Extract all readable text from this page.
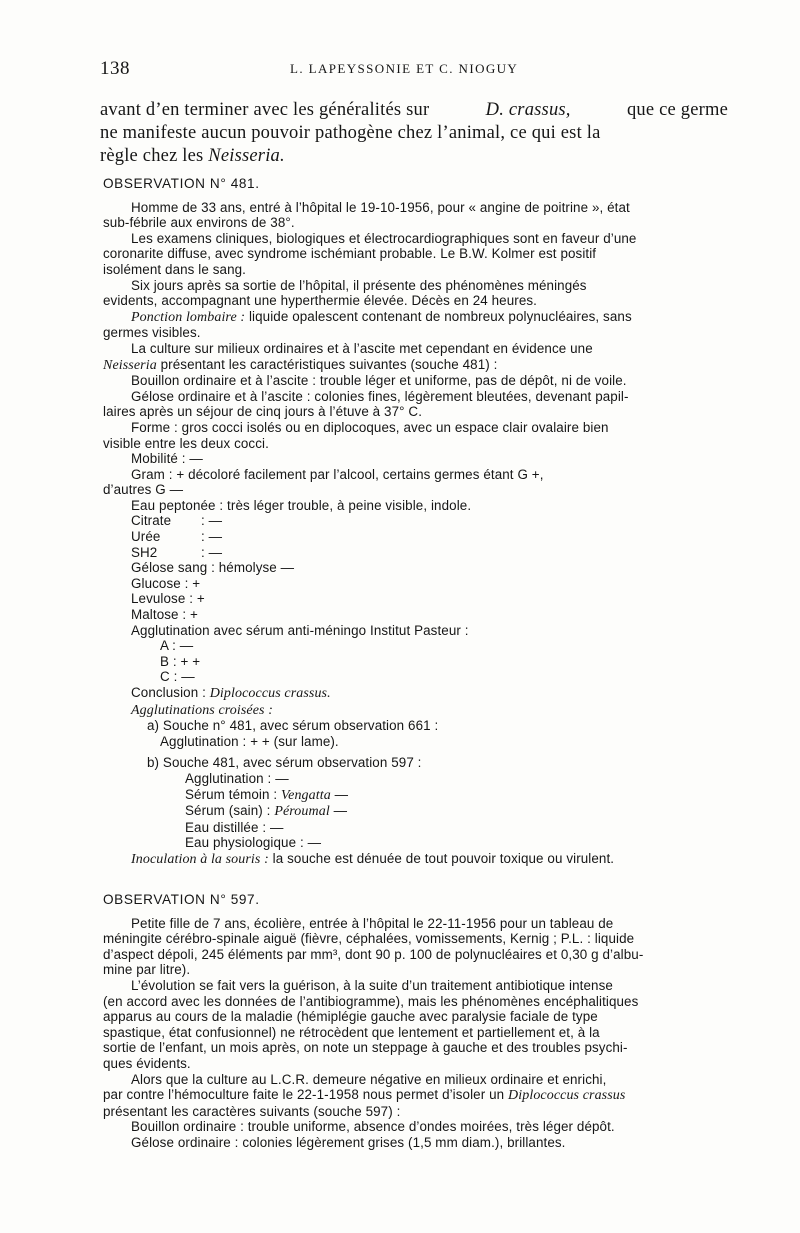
138	L. LAPEYSSONIE ET C. NIOGUY
avant d’en terminer avec les généralités sur	D. crassus,	que ce germe
ne manifeste aucun pouvoir pathogène chez l’animal, ce qui est la
règle chez les Neisseria.
OBSERVATION N° 481.
Homme de 33 ans, entré à l’hôpital le 19-10-1956, pour « angine de poitrine », état
sub-fébrile aux environs de 38°.
Les examens cliniques, biologiques et électrocardiographiques sont en faveur d’une
coronarite diffuse, avec syndrome ischémiant probable. Le B.W. Kolmer est positif
isolément dans le sang.
Six jours après sa sortie de l’hôpital, il présente des phénomènes méningés
evidents, accompagnant une hyperthermie élevée. Décès en 24 heures.
Ponction lombaire : liquide opalescent contenant de nombreux polynucléaires, sans
germes visibles.
La culture sur milieux ordinaires et à l’ascite met cependant en évidence une
Neisseria présentant les caractéristiques suivantes (souche 481) :
Bouillon ordinaire et à l’ascite : trouble léger et uniforme, pas de dépôt, ni de voile.
Gélose ordinaire et à l’ascite : colonies fines, légèrement bleutées, devenant papil-
laires après un séjour de cinq jours à l’étuve à 37° C.
Forme : gros cocci isolés ou en diplocoques, avec un espace clair ovalaire bien
visible entre les deux cocci.
Mobilité : —
Gram : + décoloré facilement par l’alcool, certains germes étant G +,
d’autres G —
Eau peptonée : très léger trouble, à peine visible, indole.
Citrate	: —
Urée	: —
SH2	: —
Gélose sang : hémolyse —
Glucose : +
Levulose : +
Maltose : +
Agglutination avec sérum anti-méningo Institut Pasteur :
A : —
B : + +
C : —
Conclusion : Diplococcus crassus.
Agglutinations croisées :
a) Souche n° 481, avec sérum observation 661 :
Agglutination : + + (sur lame).
b) Souche 481, avec sérum observation 597 :
Agglutination : —
Sérum témoin : Vengatta —
Sérum (sain) : Péroumal —
Eau distillée : —
Eau physiologique : —
Inoculation à la souris : la souche est dénuée de tout pouvoir toxique ou virulent.
OBSERVATION N° 597.
Petite fille de 7 ans, écolière, entrée à l’hôpital le 22-11-1956 pour un tableau de
méningite cérébro-spinale aiguë (fièvre, céphalées, vomissements, Kernig ; P.L. : liquide
d’aspect dépoli, 245 éléments par mm³, dont 90 p. 100 de polynucléaires et 0,30 g d’albu-
mine par litre).
L’évolution se fait vers la guérison, à la suite d’un traitement antibiotique intense
(en accord avec les données de l’antibiogramme), mais les phénomènes encéphalitiques
apparus au cours de la maladie (hémiplégie gauche avec paralysie faciale de type
spastique, état confusionnel) ne rétrocèdent que lentement et partiellement et, à la
sortie de l’enfant, un mois après, on note un steppage à gauche et des troubles psychi-
ques évidents.
Alors que la culture au L.C.R. demeure négative en milieux ordinaire et enrichi,
par contre l’hémoculture faite le 22-1-1958 nous permet d’isoler un Diplococcus crassus
présentant les caractères suivants (souche 597) :
Bouillon ordinaire : trouble uniforme, absence d’ondes moirées, très léger dépôt.
Gélose ordinaire : colonies légèrement grises (1,5 mm diam.), brillantes.
